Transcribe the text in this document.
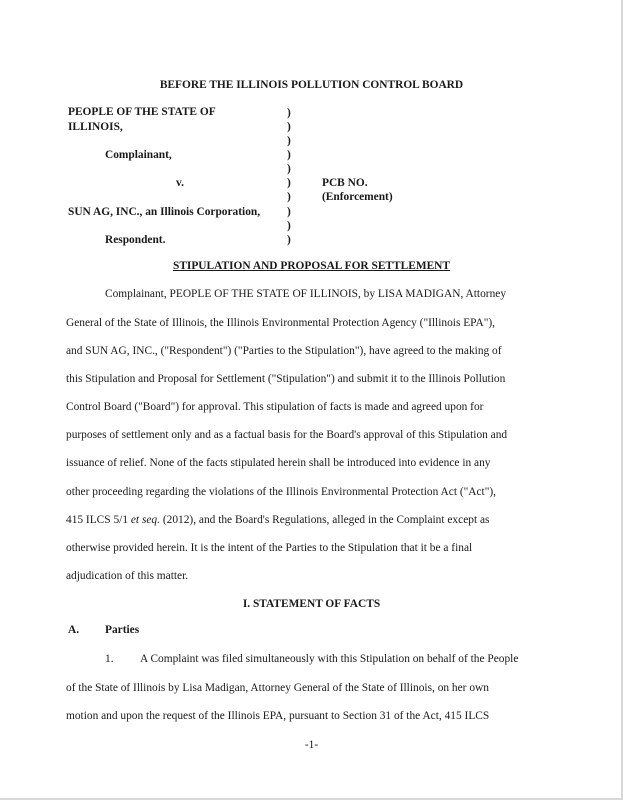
BEFORE THE ILLINOIS POLLUTION CONTROL BOARD
PEOPLE OF THE STATE OF
ILLINOIS,
Complainant,
v.
SUN AG, INC., an Illinois Corporation,
Respondent.
)
)
)
)
)
)
)
)
)
)
PCB NO.
(Enforcement)
STIPULATION AND PROPOSAL FOR SETTLEMENT
Complainant, PEOPLE OF THE STATE OF ILLINOIS, by LISA MADIGAN, Attorney
General of the State of Illinois, the Illinois Environmental Protection Agency ("Illinois EPA"),
and SUN AG, INC., ("Respondent") ("Parties to the Stipulation"), have agreed to the making of
this Stipulation and Proposal for Settlement ("Stipulation") and submit it to the Illinois Pollution
Control Board ("Board") for approval. This stipulation of facts is made and agreed upon for
purposes of settlement only and as a factual basis for the Board's approval of this Stipulation and
issuance of relief. None of the facts stipulated herein shall be introduced into evidence in any
other proceeding regarding the violations of the Illinois Environmental Protection Act ("Act"),
415 ILCS 5/1 et seq. (2012), and the Board's Regulations, alleged in the Complaint except as
otherwise provided herein. It is the intent of the Parties to the Stipulation that it be a final
adjudication of this matter.
I. STATEMENT OF FACTS
A. Parties
1. A Complaint was filed simultaneously with this Stipulation on behalf of the People
of the State of Illinois by Lisa Madigan, Attorney General of the State of Illinois, on her own
motion and upon the request of the Illinois EPA, pursuant to Section 31 of the Act, 415 ILCS
-1-
